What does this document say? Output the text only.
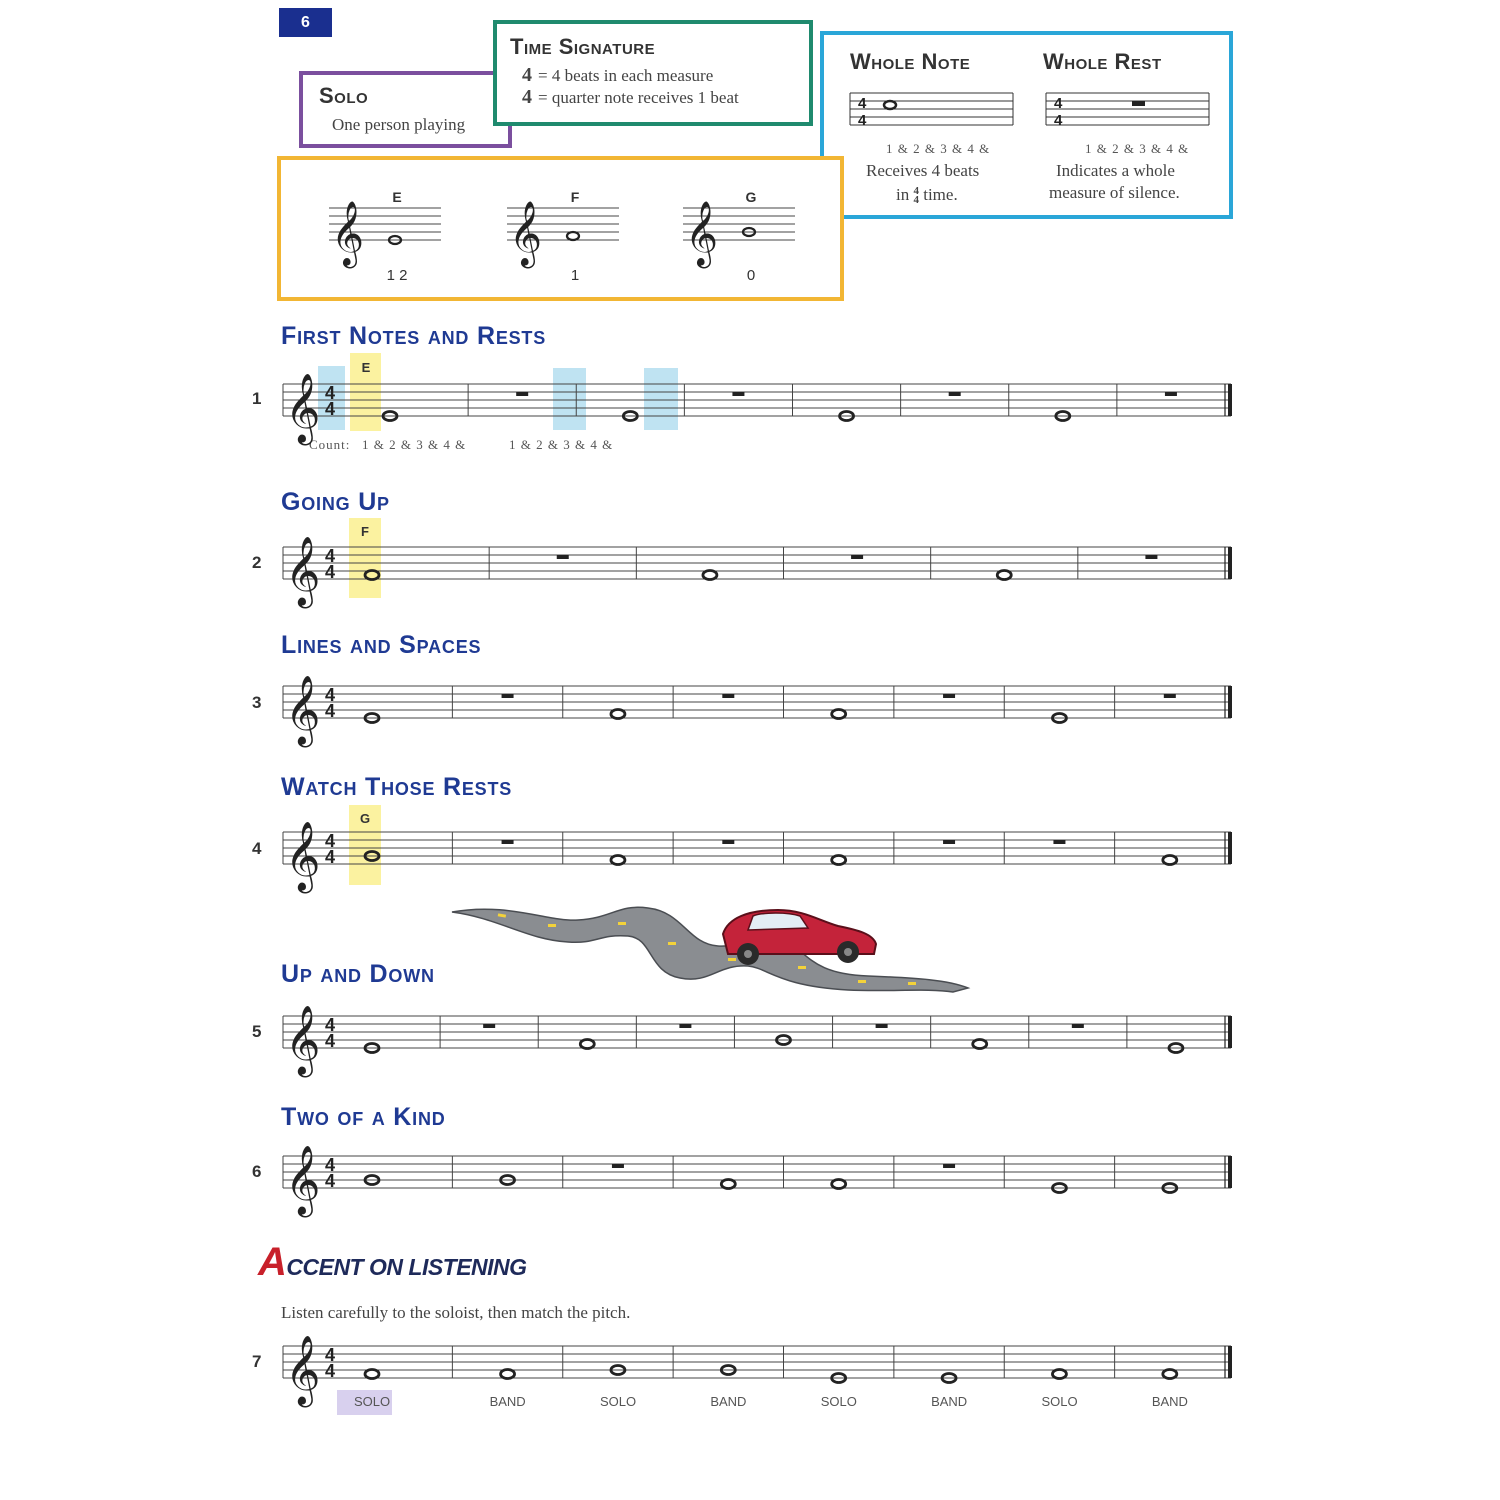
6
Solo
One person playing
Time Signature
4 = 4 beats in each measure
4 = quarter note receives 1 beat
Whole Note	Whole Rest
4
4
4
4
1 & 2 & 3 & 4 &	1 & 2 & 3 & 4 &
Receives 4 beats
in 4
4 time.
Indicates a whole
measure of silence.
𝄞
E
1 2
𝄞
F
1
𝄞
G
0
First Notes and Rests
Going Up
Lines and Spaces
Watch Those Rests
Up and Down
Two of a Kind
1
2
3
4
5
6
7
Count: 1 & 2 & 3 & 4 &	1 & 2 & 3 & 4 &
E
F
G
𝄞 4
4
𝄞 4
4
𝄞 4
4
𝄞 4
4
𝄞 4
4
𝄞 4
4
𝄞 4
4
ACCENT ON LISTENING
Listen carefully to the soloist, then match the pitch.
SOLO	BAND	SOLO	BAND	SOLO	BAND	SOLO	BAND
